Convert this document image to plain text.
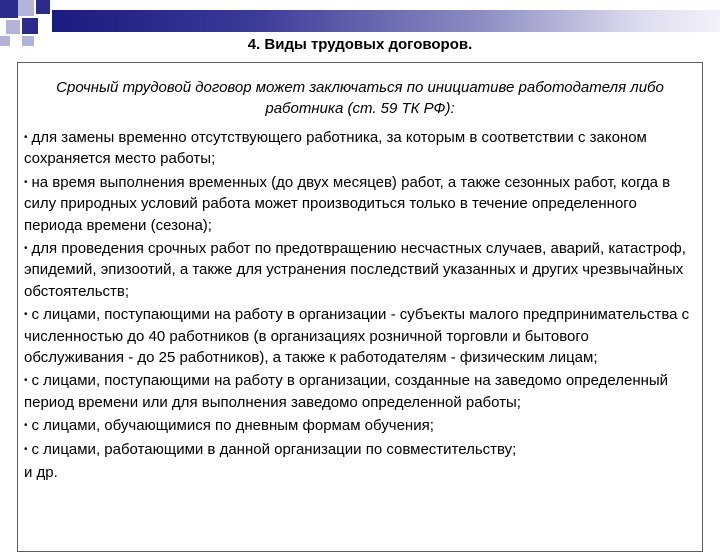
4. Виды трудовых договоров.
Срочный трудовой договор может заключаться по инициативе работодателя либо работника (ст. 59 ТК РФ):
• для замены временно отсутствующего работника, за которым в соответствии с законом сохраняется место работы;
• на время выполнения временных (до двух месяцев) работ, а также сезонных работ, когда в силу природных условий работа может производиться только в течение определенного периода времени (сезона);
• для проведения срочных работ по предотвращению несчастных случаев, аварий, катастроф, эпидемий, эпизоотий, а также для устранения последствий указанных и других чрезвычайных обстоятельств;
• с лицами, поступающими на работу в организации - субъекты малого предпринимательства с численностью до 40 работников (в организациях розничной торговли и бытового обслуживания - до 25 работников), а также к работодателям - физическим лицам;
• с лицами, поступающими на работу в организации, созданные на заведомо определенный период времени или для выполнения заведомо определенной работы;
• с лицами, обучающимися по дневным формам обучения;
• с лицами, работающими в данной организации по совместительству;
и др.
